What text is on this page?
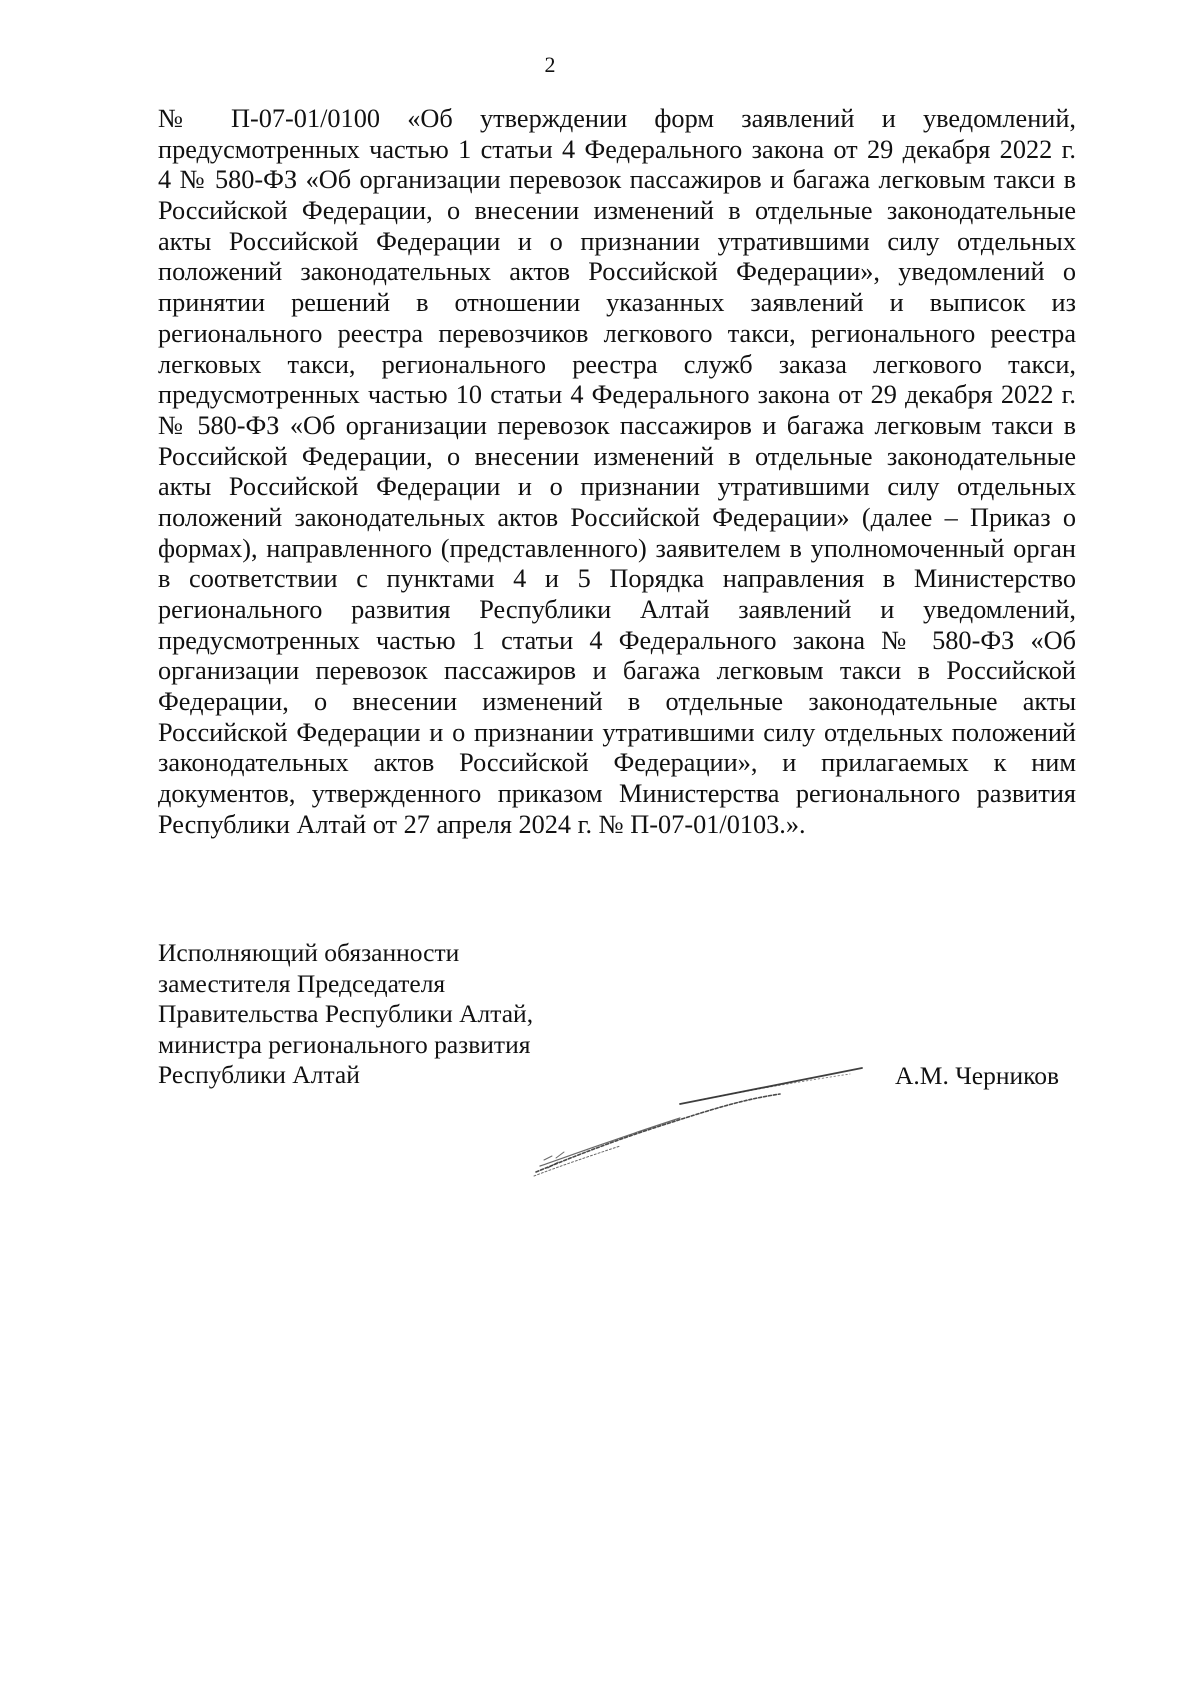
2
№ П-07-01/0100 «Об утверждении форм заявлений и уведомлений,
предусмотренных частью 1 статьи 4 Федерального закона от 29 декабря 2022 г.
4 № 580-ФЗ «Об организации перевозок пассажиров и багажа легковым такси в
Российской Федерации, о внесении изменений в отдельные законодательные
акты Российской Федерации и о признании утратившими силу отдельных
положений законодательных актов Российской Федерации», уведомлений о
принятии решений в отношении указанных заявлений и выписок из
регионального реестра перевозчиков легкового такси, регионального реестра
легковых такси, регионального реестра служб заказа легкового такси,
предусмотренных частью 10 статьи 4 Федерального закона от 29 декабря 2022 г.
№ 580-ФЗ «Об организации перевозок пассажиров и багажа легковым такси в
Российской Федерации, о внесении изменений в отдельные законодательные
акты Российской Федерации и о признании утратившими силу отдельных
положений законодательных актов Российской Федерации» (далее – Приказ о
формах), направленного (представленного) заявителем в уполномоченный орган
в соответствии с пунктами 4 и 5 Порядка направления в Министерство
регионального развития Республики Алтай заявлений и уведомлений,
предусмотренных частью 1 статьи 4 Федерального закона № 580-ФЗ «Об
организации перевозок пассажиров и багажа легковым такси в Российской
Федерации, о внесении изменений в отдельные законодательные акты
Российской Федерации и о признании утратившими силу отдельных положений
законодательных актов Российской Федерации», и прилагаемых к ним
документов, утвержденного приказом Министерства регионального развития
Республики Алтай от 27 апреля 2024 г. № П-07-01/0103.».
Исполняющий обязанности
заместителя Председателя
Правительства Республики Алтай,
министра регионального развития
Республики Алтай	А.М. Черников
